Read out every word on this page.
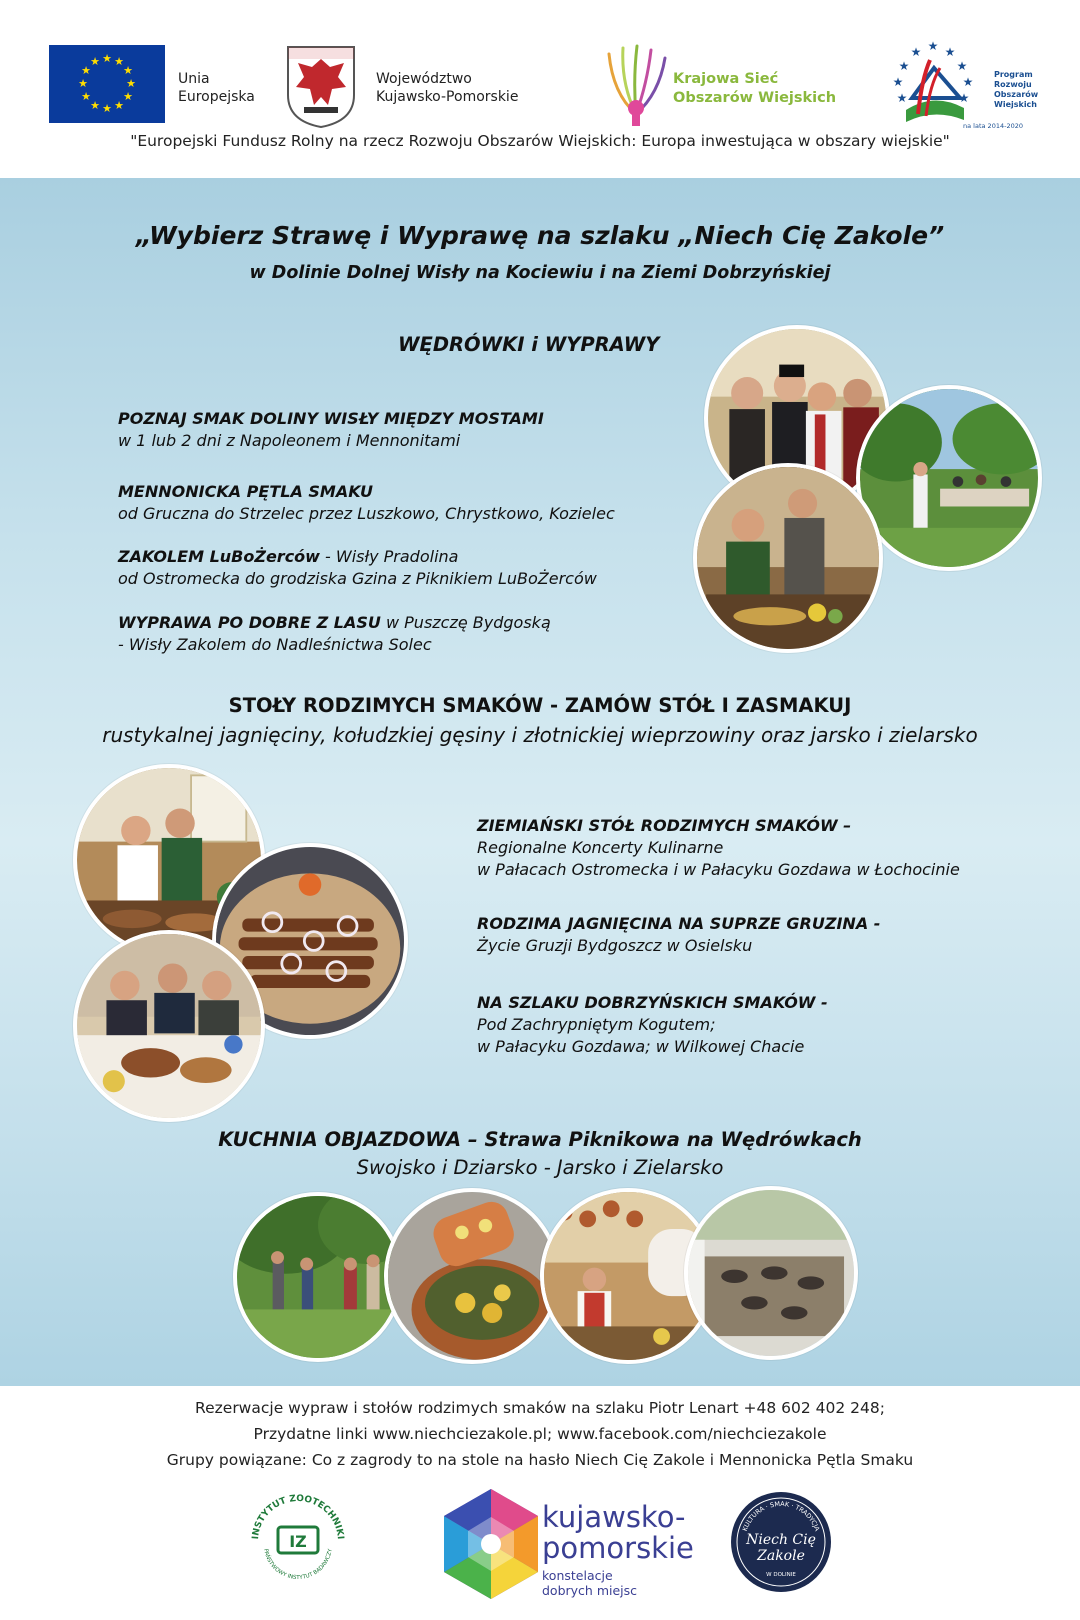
★ ★
★
★
★
★
★
★
★
★
★
★
Unia
Europejska
Województwo
Kujawsko-Pomorskie
Krajowa Sieć
Obszarów Wiejskich
★
★ ★
★	★
★	★
★	★
Program
Rozwoju
Obszarów
Wiejskich
na lata 2014-2020
"Europejski Fundusz Rolny na rzecz Rozwoju Obszarów Wiejskich: Europa inwestująca w obszary wiejskie"
„Wybierz Strawę i Wyprawę na szlaku „Niech Cię Zakole”
w Dolinie Dolnej Wisły na Kociewiu i na Ziemi Dobrzyńskiej
WĘDRÓWKI i WYPRAWY
POZNAJ SMAK DOLINY WISŁY MIĘDZY MOSTAMI
w 1 lub 2 dni z Napoleonem i Mennonitami
MENNONICKA PĘTLA SMAKU
od Gruczna do Strzelec przez Luszkowo, Chrystkowo, Kozielec
ZAKOLEM LuBoŻerców - Wisły Pradolina
od Ostromecka do grodziska Gzina z Piknikiem LuBoŻerców
WYPRAWA PO DOBRE Z LASU w Puszczę Bydgoską
- Wisły Zakolem do Nadleśnictwa Solec
STOŁY RODZIMYCH SMAKÓW - ZAMÓW STÓŁ I ZASMAKUJ
rustykalnej jagnięciny, kołudzkiej gęsiny i złotnickiej wieprzowiny oraz jarsko i zielarsko
ZIEMIAŃSKI STÓŁ RODZIMYCH SMAKÓW –
Regionalne Koncerty Kulinarne
w Pałacach Ostromecka i w Pałacyku Gozdawa w Łochocinie
RODZIMA JAGNIĘCINA NA SUPRZE GRUZINA -
Życie Gruzji Bydgoszcz w Osielsku
NA SZLAKU DOBRZYŃSKICH SMAKÓW -
Pod Zachrypniętym Kogutem;
w Pałacyku Gozdawa; w Wilkowej Chacie
KUCHNIA OBJAZDOWA – Strawa Piknikowa na Wędrówkach
Swojsko i Dziarsko - Jarsko i Zielarsko
Rezerwacje wypraw i stołów rodzimych smaków na szlaku Piotr Lenart +48 602 402 248;
Przydatne linki www.niechciezakole.pl; www.facebook.com/niechciezakole
Grupy powiązane: Co z zagrody to na stole na hasło Niech Cię Zakole i Mennonicka Pętla Smaku
INSTYTUT ZOOTECHNIKI
PAŃSTWOWY INSTYTUT BADAWCZY
IZ
kujawsko-
pomorskie
konstelacje
dobrych miejsc
KULTURA · SMAK · TRADYCJA
Niech Cię
Zakole
W DOLINIE
